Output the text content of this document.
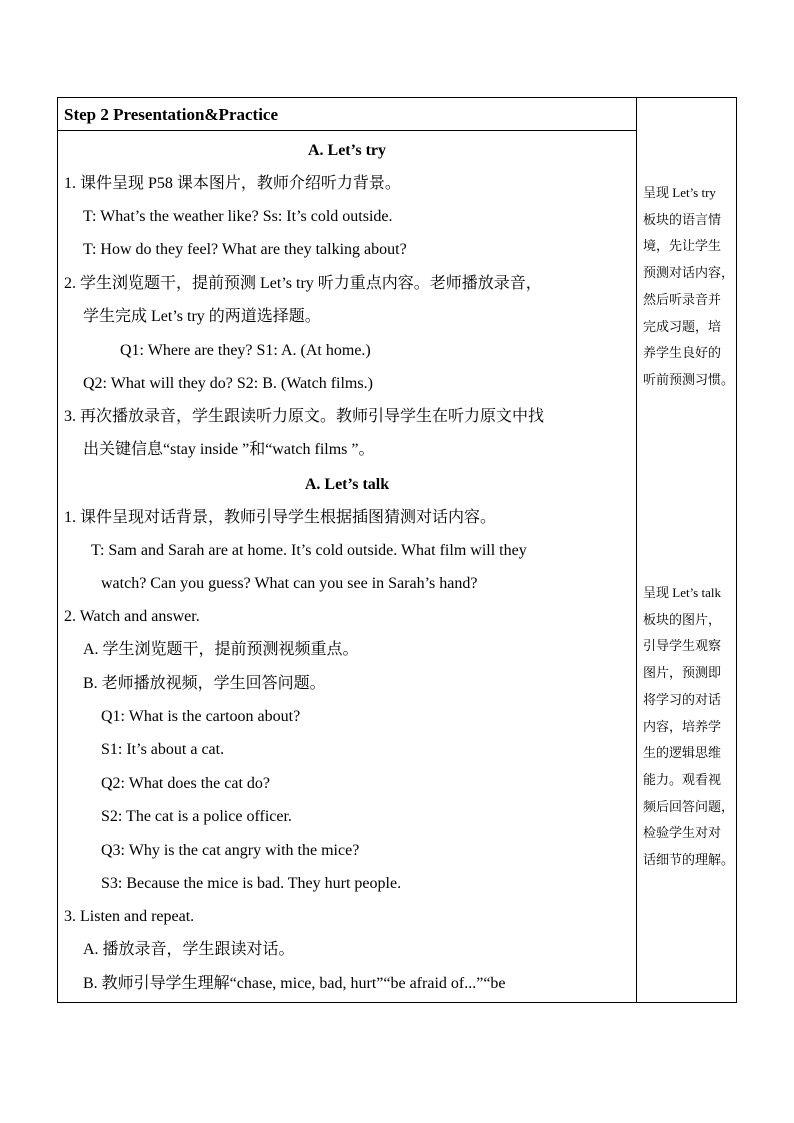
Step 2 Presentation&Practice
A. Let’s try
1. 课件呈现 P58 课本图片，教师介绍听力背景。
T: What’s the weather like? Ss: It’s cold outside.
T: How do they feel? What are they talking about?
2. 学生浏览题干，提前预测 Let’s try 听力重点内容。老师播放录音，
学生完成 Let’s try 的两道选择题。
Q1: Where are they? S1: A. (At home.)
Q2: What will they do? S2: B. (Watch films.)
3. 再次播放录音，学生跟读听力原文。教师引导学生在听力原文中找
出关键信息“stay inside ”和“watch films ”。
A. Let’s talk
1. 课件呈现对话背景，教师引导学生根据插图猜测对话内容。
T: Sam and Sarah are at home. It’s cold outside. What film will they
watch? Can you guess? What can you see in Sarah’s hand?
2. Watch and answer.
A. 学生浏览题干，提前预测视频重点。
B. 老师播放视频，学生回答问题。
Q1: What is the cartoon about?
S1: It’s about a cat.
Q2: What does the cat do?
S2: The cat is a police officer.
Q3: Why is the cat angry with the mice?
S3: Because the mice is bad. They hurt people.
3. Listen and repeat.
A. 播放录音，学生跟读对话。
B. 教师引导学生理解“chase, mice, bad, hurt”“be afraid of...”“be
呈现 Let’s try
板块的语言情
境，先让学生
预测对话内容，
然后听录音并
完成习题，培
养学生良好的
听前预测习惯。
呈现 Let’s talk
板块的图片，
引导学生观察
图片，预测即
将学习的对话
内容，培养学
生的逻辑思维
能力。观看视
频后回答问题，
检验学生对对
话细节的理解。
